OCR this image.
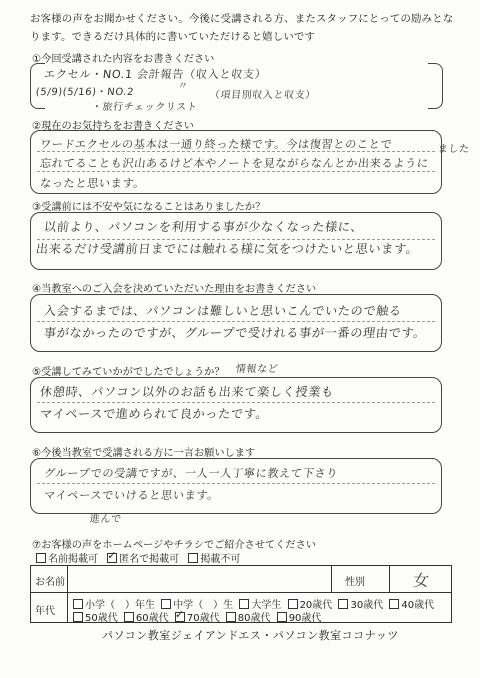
お客様の声をお聞かせください。今後に受講される方、またスタッフにとっての励みとな
ります。できるだけ具体的に書いていただけると嬉しいです
①今回受講された内容をお書きください
エクセル・NO.1 会計報告（収入と収支）
(5/9)(5/16)・NO.2
〃
（項目別収入と収支）
・旅行チェックリスト
②現在のお気持ちをお書きください
ワードエクセルの基本は一通り終った様です。今は復習とのことで
忘れてることも沢山あるけど本やノートを見ながらなんとか出来るように
なったと思います。
ました
③受講前には不安や気になることはありましたか？
以前より、パソコンを利用する事が少なくなった様に、
出来るだけ受講前日までには触れる様に気をつけたいと思います。
④当教室へのご入会を決めていただいた理由をお書きください
入会するまでは、パソコンは難しいと思いこんでいたので触る
事がなかったのですが、グループで受けれる事が一番の理由です。
⑤受講してみていかがでしたでしょうか？ 情報など
休憩時、パソコン以外のお話も出来て楽しく授業も
マイペースで進められて良かったです。
⑥今後当教室で受講される方に一言お願いします
グループでの受講ですが、一人一人丁寧に教えて下さり
マイペースでいけると思います。
進んで
⑦お客様の声をホームページやチラシでご紹介させてください
名前掲載可 ✓ 匿名で掲載可 掲載不可
お名前	性別	女
年代
小学（　）年生 中学（　）生 大学生 20歳代 30歳代 40歳代
50歳代 60歳代 ✓ 70歳代 80歳代 90歳代
パソコン教室ジェイアンドエス・パソコン教室ココナッツ
